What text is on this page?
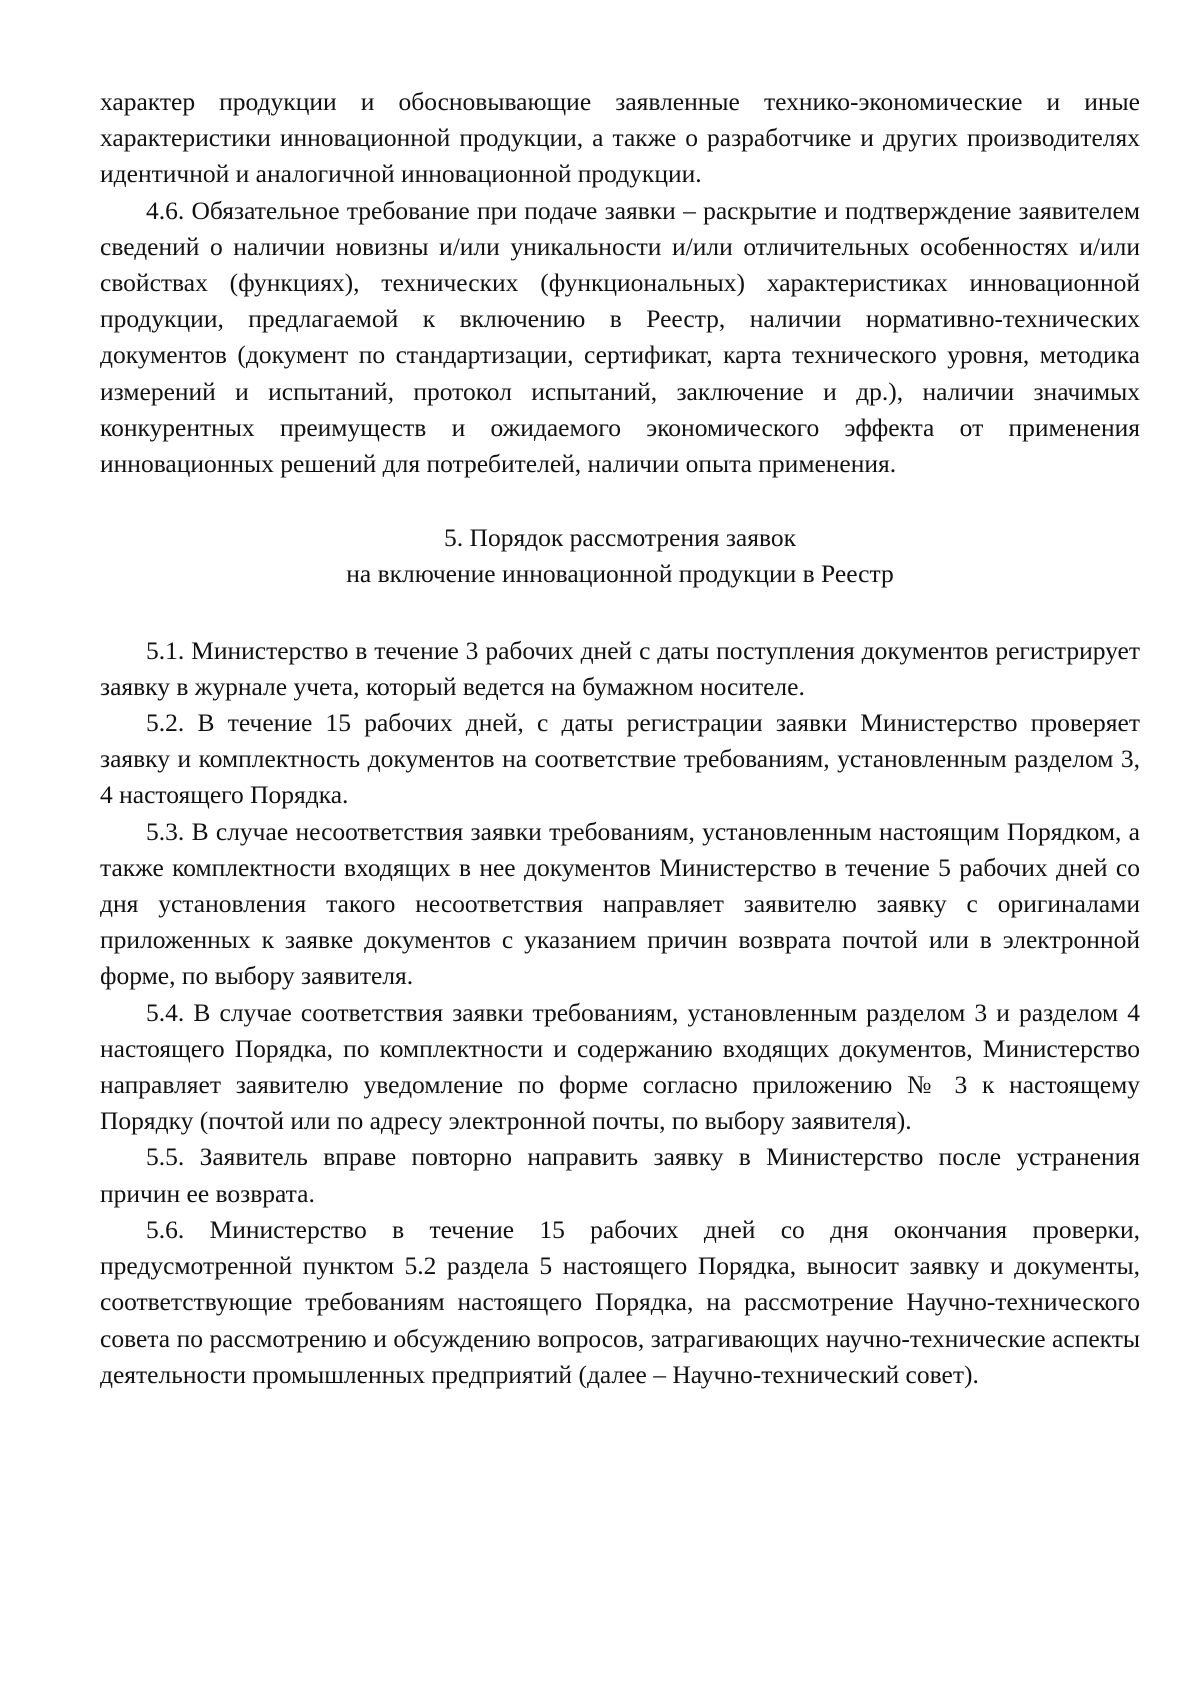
характер продукции и обосновывающие заявленные технико-экономические и иные характеристики инновационной продукции, а также о разработчике и других производителях идентичной и аналогичной инновационной продукции.

4.6. Обязательное требование при подаче заявки – раскрытие и подтверждение заявителем сведений о наличии новизны и/или уникальности и/или отличительных особенностях и/или свойствах (функциях), технических (функциональных) характеристиках инновационной продукции, предлагаемой к включению в Реестр, наличии нормативно-технических документов (документ по стандартизации, сертификат, карта технического уровня, методика измерений и испытаний, протокол испытаний, заключение и др.), наличии значимых конкурентных преимуществ и ожидаемого экономического эффекта от применения инновационных решений для потребителей, наличии опыта применения.

5. Порядок рассмотрения заявок
на включение инновационной продукции в Реестр

5.1. Министерство в течение 3 рабочих дней с даты поступления документов регистрирует заявку в журнале учета, который ведется на бумажном носителе.

5.2. В течение 15 рабочих дней, с даты регистрации заявки Министерство проверяет заявку и комплектность документов на соответствие требованиям, установленным разделом 3, 4 настоящего Порядка.

5.3. В случае несоответствия заявки требованиям, установленным настоящим Порядком, а также комплектности входящих в нее документов Министерство в течение 5 рабочих дней со дня установления такого несоответствия направляет заявителю заявку с оригиналами приложенных к заявке документов с указанием причин возврата почтой или в электронной форме, по выбору заявителя.

5.4. В случае соответствия заявки требованиям, установленным разделом 3 и разделом 4 настоящего Порядка, по комплектности и содержанию входящих документов, Министерство направляет заявителю уведомление по форме согласно приложению № 3 к настоящему Порядку (почтой или по адресу электронной почты, по выбору заявителя).

5.5. Заявитель вправе повторно направить заявку в Министерство после устранения причин ее возврата.

5.6. Министерство в течение 15 рабочих дней со дня окончания проверки, предусмотренной пунктом 5.2 раздела 5 настоящего Порядка, выносит заявку и документы, соответствующие требованиям настоящего Порядка, на рассмотрение Научно-технического совета по рассмотрению и обсуждению вопросов, затрагивающих научно-технические аспекты деятельности промышленных предприятий (далее – Научно-технический совет).
